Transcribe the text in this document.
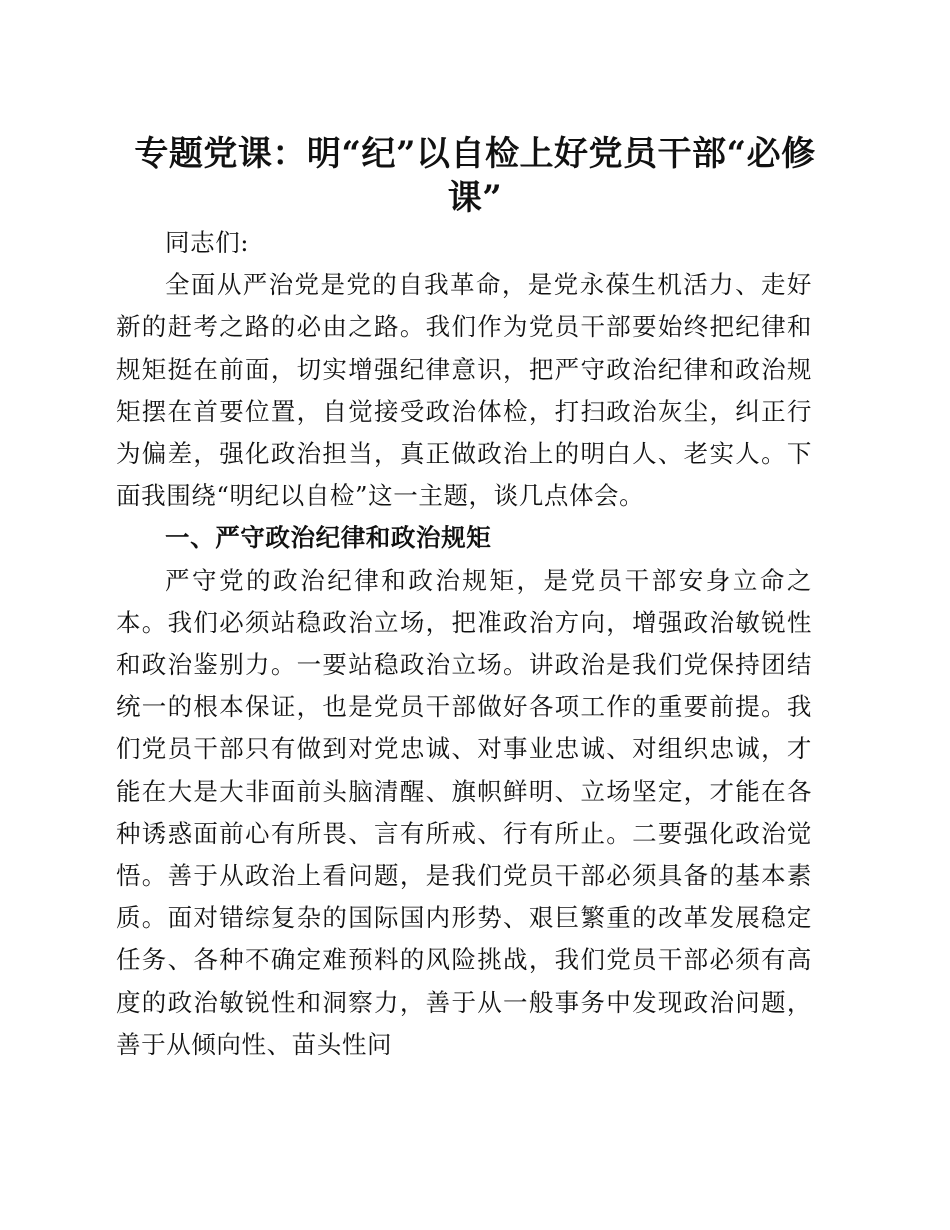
专题党课：明“纪”以自检上好党员干部“必修课”

同志们:

全面从严治党是党的自我革命，是党永葆生机活力、走好新的赶考之路的必由之路。我们作为党员干部要始终把纪律和规矩挺在前面，切实增强纪律意识，把严守政治纪律和政治规矩摆在首要位置，自觉接受政治体检，打扫政治灰尘，纠正行为偏差，强化政治担当，真正做政治上的明白人、老实人。下面我围绕“明纪以自检”这一主题，谈几点体会。

一、严守政治纪律和政治规矩

严守党的政治纪律和政治规矩，是党员干部安身立命之本。我们必须站稳政治立场，把准政治方向，增强政治敏锐性和政治鉴别力。一要站稳政治立场。讲政治是我们党保持团结统一的根本保证，也是党员干部做好各项工作的重要前提。我们党员干部只有做到对党忠诚、对事业忠诚、对组织忠诚，才能在大是大非面前头脑清醒、旗帜鲜明、立场坚定，才能在各种诱惑面前心有所畏、言有所戒、行有所止。二要强化政治觉悟。善于从政治上看问题，是我们党员干部必须具备的基本素质。面对错综复杂的国际国内形势、艰巨繁重的改革发展稳定任务、各种不确定难预料的风险挑战，我们党员干部必须有高度的政治敏锐性和洞察力，善于从一般事务中发现政治问题，善于从倾向性、苗头性问
